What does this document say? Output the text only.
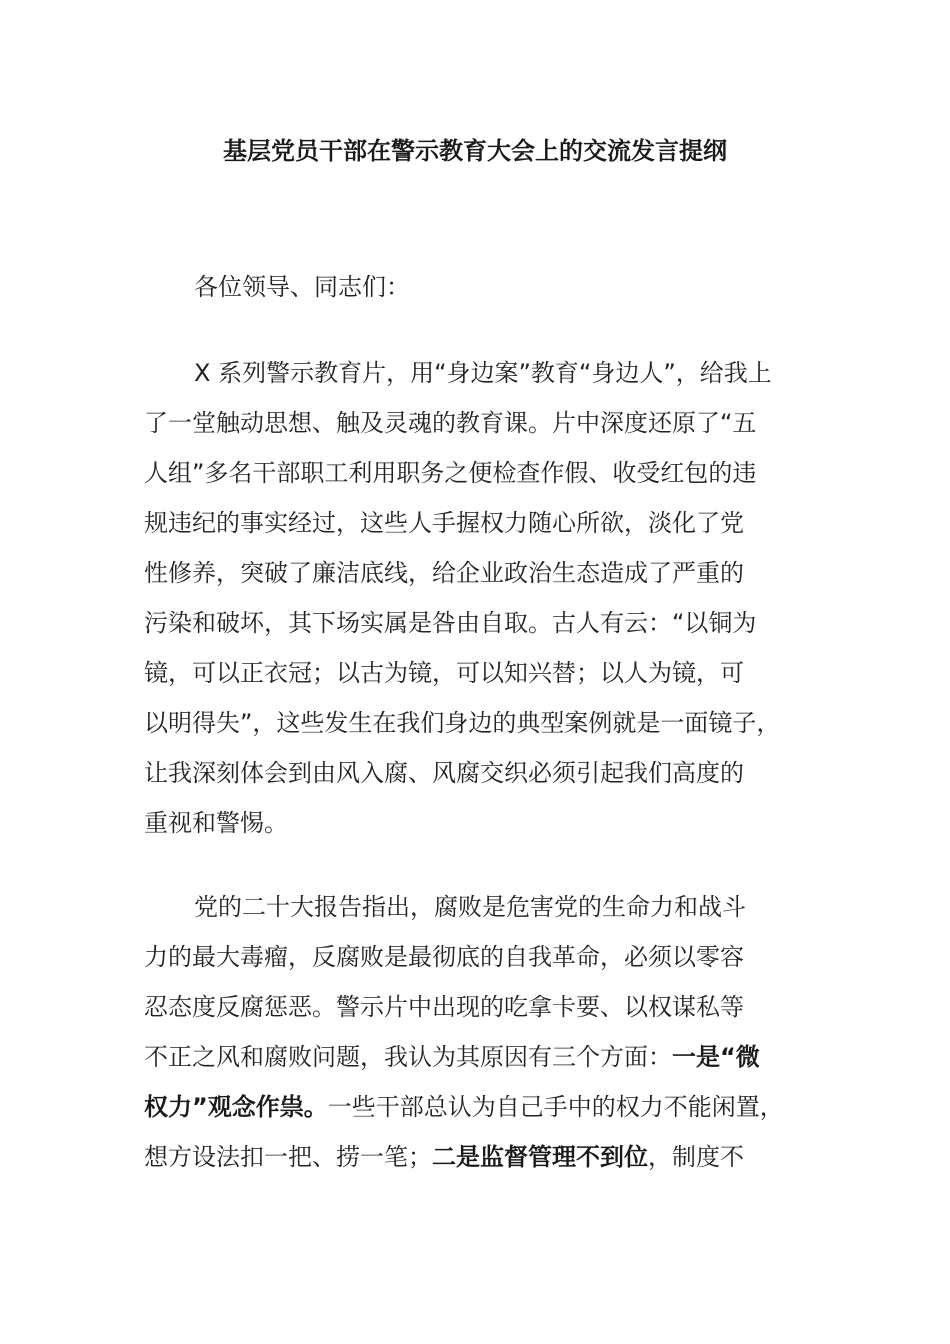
基层党员干部在警示教育大会上的交流发言提纲
各位领导、同志们：
X 系列警示教育片，用“身边案”教育“身边人”，给我上
了一堂触动思想、触及灵魂的教育课。片中深度还原了“五
人组”多名干部职工利用职务之便检查作假、收受红包的违
规违纪的事实经过，这些人手握权力随心所欲，淡化了党
性修养，突破了廉洁底线，给企业政治生态造成了严重的
污染和破坏，其下场实属是咎由自取。古人有云：“以铜为
镜，可以正衣冠；以古为镜，可以知兴替；以人为镜，可
以明得失”，这些发生在我们身边的典型案例就是一面镜子，
让我深刻体会到由风入腐、风腐交织必须引起我们高度的
重视和警惕。
党的二十大报告指出，腐败是危害党的生命力和战斗
力的最大毒瘤，反腐败是最彻底的自我革命，必须以零容
忍态度反腐惩恶。警示片中出现的吃拿卡要、以权谋私等
不正之风和腐败问题，我认为其原因有三个方面：一是“微
权力”观念作祟。一些干部总认为自己手中的权力不能闲置，
想方设法扣一把、捞一笔；二是监督管理不到位，制度不
